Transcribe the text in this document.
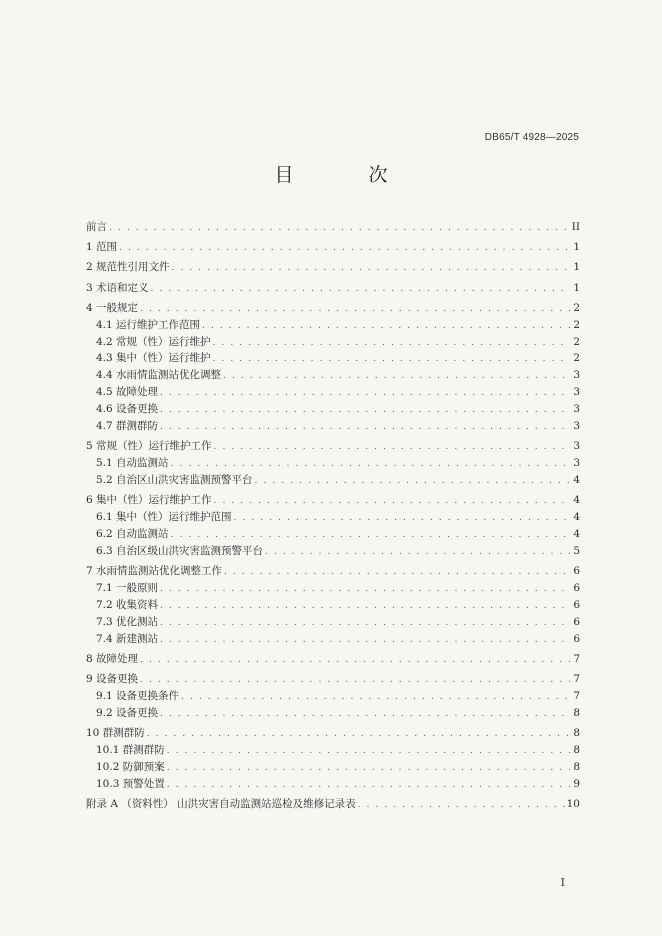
DB65/T 4928—2025
目　次
前言 . . .	II
1 范围 . . .	1
2 规范性引用文件 . . .	1
3 术语和定义 . . .	1
4 一般规定 . . .	2
4.1 运行维护工作范围 . . .	2
4.2 常规（性）运行维护 . . .	2
4.3 集中（性）运行维护 . . .	2
4.4 水雨情监测站优化调整 . . .	3
4.5 故障处理 . . .	3
4.6 设备更换 . . .	3
4.7 群测群防 . . .	3
5 常规（性）运行维护工作 . . .	3
5.1 自动监测站 . . .	3
5.2 自治区山洪灾害监测预警平台 . . .	4
6 集中（性）运行维护工作 . . .	4
6.1 集中（性）运行维护范围 . . .	4
6.2 自动监测站 . . .	4
6.3 自治区级山洪灾害监测预警平台 . . .	5
7 水雨情监测站优化调整工作 . . .	6
7.1 一般原则 . . .	6
7.2 收集资料 . . .	6
7.3 优化测站 . . .	6
7.4 新建测站 . . .	6
8 故障处理 . . .	7
9 设备更换 . . .	7
9.1 设备更换条件 . . .	7
9.2 设备更换 . . .	8
10 群测群防 . . .	8
10.1 群测群防 . . .	8
10.2 防御预案 . . .	8
10.3 预警处置 . . .	9
附录 A （资料性） 山洪灾害自动监测站巡检及维修记录表 . . .	10
I
